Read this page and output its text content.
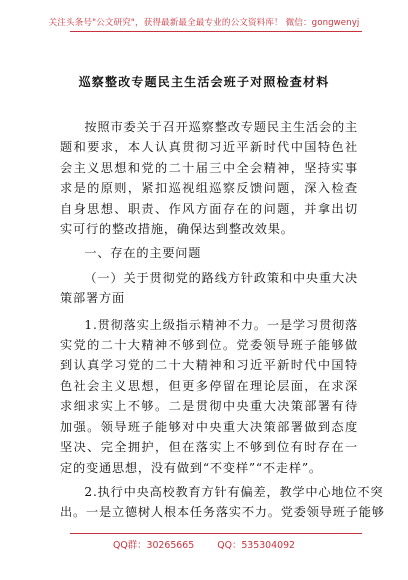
关注头条号"公文研究"，获得最新最全最专业的公文资料库！ 微信：gongwenyj
巡察整改专题民主生活会班子对照检查材料

按照市委关于召开巡察整改专题民主生活会的主题和要求，本人认真贯彻习近平新时代中国特色社会主义思想和党的二十届三中全会精神，坚持实事求是的原则，紧扣巡视组巡察反馈问题，深入检查自身思想、职责、作风方面存在的问题，并拿出切实可行的整改措施，确保达到整改效果。

一、存在的主要问题

（一）关于贯彻党的路线方针政策和中央重大决策部署方面

1.贯彻落实上级指示精神不力。一是学习贯彻落实党的二十大精神不够到位。党委领导班子能够做到认真学习党的二十大精神和习近平新时代中国特色社会主义思想，但更多停留在理论层面，在求深求细求实上不够。二是贯彻中央重大决策部署有待加强。领导班子能够对中央重大决策部署做到态度坚决、完全拥护，但在落实上不够到位有时存在一定的变通思想，没有做到“不变样”“不走样”。

2.执行中央高校教育方针有偏差，教学中心地位不突

出。一是立德树人根本任务落实不力。党委领导班子能够

QQ群：30265665 QQ：535304092
